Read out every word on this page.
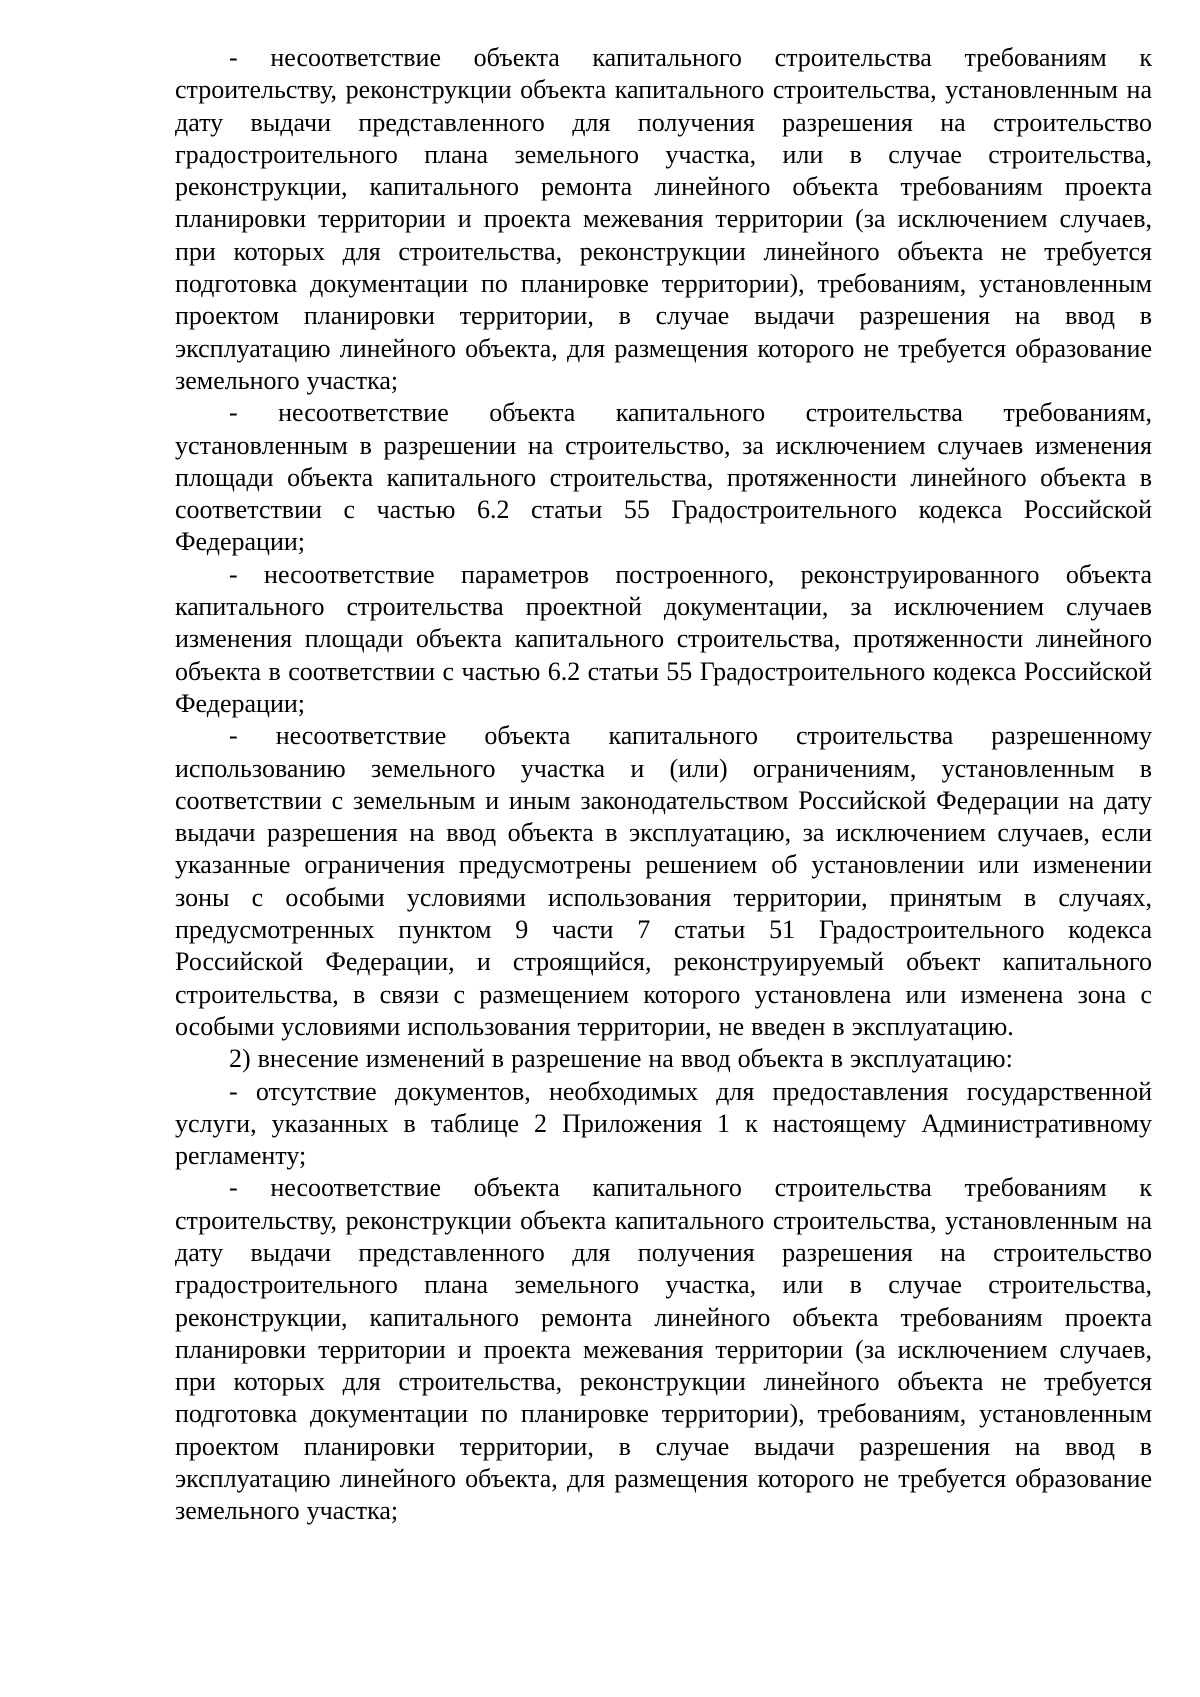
- несоответствие объекта капитального строительства требованиям к строительству, реконструкции объекта капитального строительства, установленным на дату выдачи представленного для получения разрешения на строительство градостроительного плана земельного участка, или в случае строительства, реконструкции, капитального ремонта линейного объекта требованиям проекта планировки территории и проекта межевания территории (за исключением случаев, при которых для строительства, реконструкции линейного объекта не требуется подготовка документации по планировке территории), требованиям, установленным проектом планировки территории, в случае выдачи разрешения на ввод в эксплуатацию линейного объекта, для размещения которого не требуется образование земельного участка;

- несоответствие объекта капитального строительства требованиям, установленным в разрешении на строительство, за исключением случаев изменения площади объекта капитального строительства, протяженности линейного объекта в соответствии с частью 6.2 статьи 55 Градостроительного кодекса Российской Федерации;

- несоответствие параметров построенного, реконструированного объекта капитального строительства проектной документации, за исключением случаев изменения площади объекта капитального строительства, протяженности линейного объекта в соответствии с частью 6.2 статьи 55 Градостроительного кодекса Российской Федерации;

- несоответствие объекта капитального строительства разрешенному использованию земельного участка и (или) ограничениям, установленным в соответствии с земельным и иным законодательством Российской Федерации на дату выдачи разрешения на ввод объекта в эксплуатацию, за исключением случаев, если указанные ограничения предусмотрены решением об установлении или изменении зоны с особыми условиями использования территории, принятым в случаях, предусмотренных пунктом 9 части 7 статьи 51 Градостроительного кодекса Российской Федерации, и строящийся, реконструируемый объект капитального строительства, в связи с размещением которого установлена или изменена зона с особыми условиями использования территории, не введен в эксплуатацию.

2) внесение изменений в разрешение на ввод объекта в эксплуатацию:

- отсутствие документов, необходимых для предоставления государственной услуги, указанных в таблице 2 Приложения 1 к настоящему Административному регламенту;

- несоответствие объекта капитального строительства требованиям к строительству, реконструкции объекта капитального строительства, установленным на дату выдачи представленного для получения разрешения на строительство градостроительного плана земельного участка, или в случае строительства, реконструкции, капитального ремонта линейного объекта требованиям проекта планировки территории и проекта межевания территории (за исключением случаев, при которых для строительства, реконструкции линейного объекта не требуется подготовка документации по планировке территории), требованиям, установленным проектом планировки территории, в случае выдачи разрешения на ввод в эксплуатацию линейного объекта, для размещения которого не требуется образование земельного участка;
